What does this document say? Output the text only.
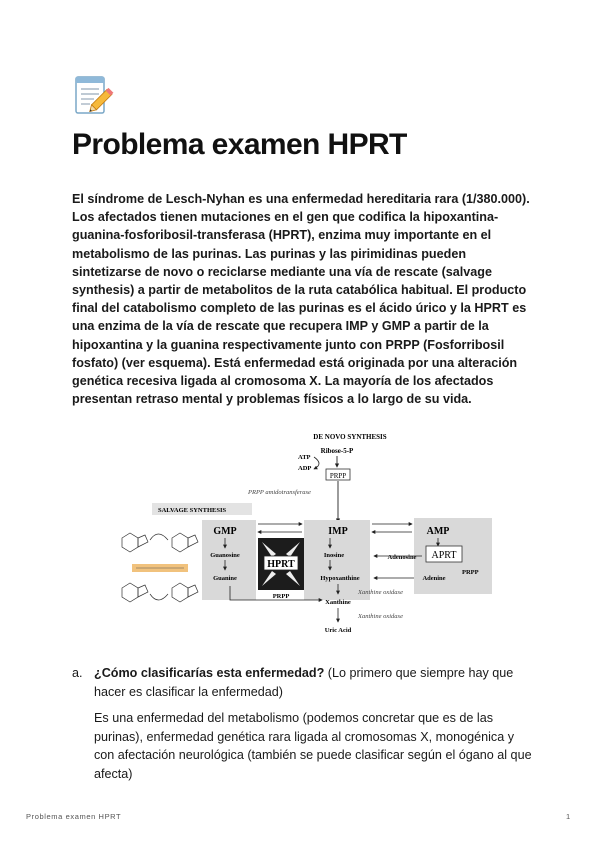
Problema examen HPRT

El síndrome de Lesch-Nyhan es una enfermedad hereditaria rara (1/380.000). Los afectados tienen mutaciones en el gen que codifica la hipoxantina-guanina-fosforibosil-transferasa (HPRT), enzima muy importante en el metabolismo de las purinas. Las purinas y las pirimidinas pueden sintetizarse de novo o reciclarse mediante una vía de rescate (salvage synthesis) a partir de metabolitos de la ruta catabólica habitual. El producto final del catabolismo completo de las purinas es el ácido úrico y la HPRT es una enzima de la vía de rescate que recupera IMP y GMP a partir de la hipoxantina y la guanina respectivamente junto con PRPP (Fosforribosil fosfato) (ver esquema). Está enfermedad está originada por una alteración genética recesiva ligada al cromosoma X. La mayoría de los afectados presentan retraso mental y problemas físicos a lo largo de su vida.

DE NOVO SYNTHESIS
Ribose-5-P
ATP
ADP
PRPP
PRPP amidotransferase
SALVAGE SYNTHESIS
GMP
Guanosine
Guanine
IMP
Inosine
Hypoxanthine
HPRT
PRPP
AMP
APRT
Adenine
PRPP
Adenosine
Xanthine
Xanthine oxidase
Xanthine oxidase
Uric Acid
a. ¿Cómo clasificarías esta enfermedad? (Lo primero que siempre hay que hacer es clasificar la enfermedad)

Es una enfermedad del metabolismo (podemos concretar que es de las purinas), enfermedad genética rara ligada al cromosomas X, monogénica y con afectación neurológica (también se puede clasificar según el ógano al que afecta)

Problema examen HPRT	1
